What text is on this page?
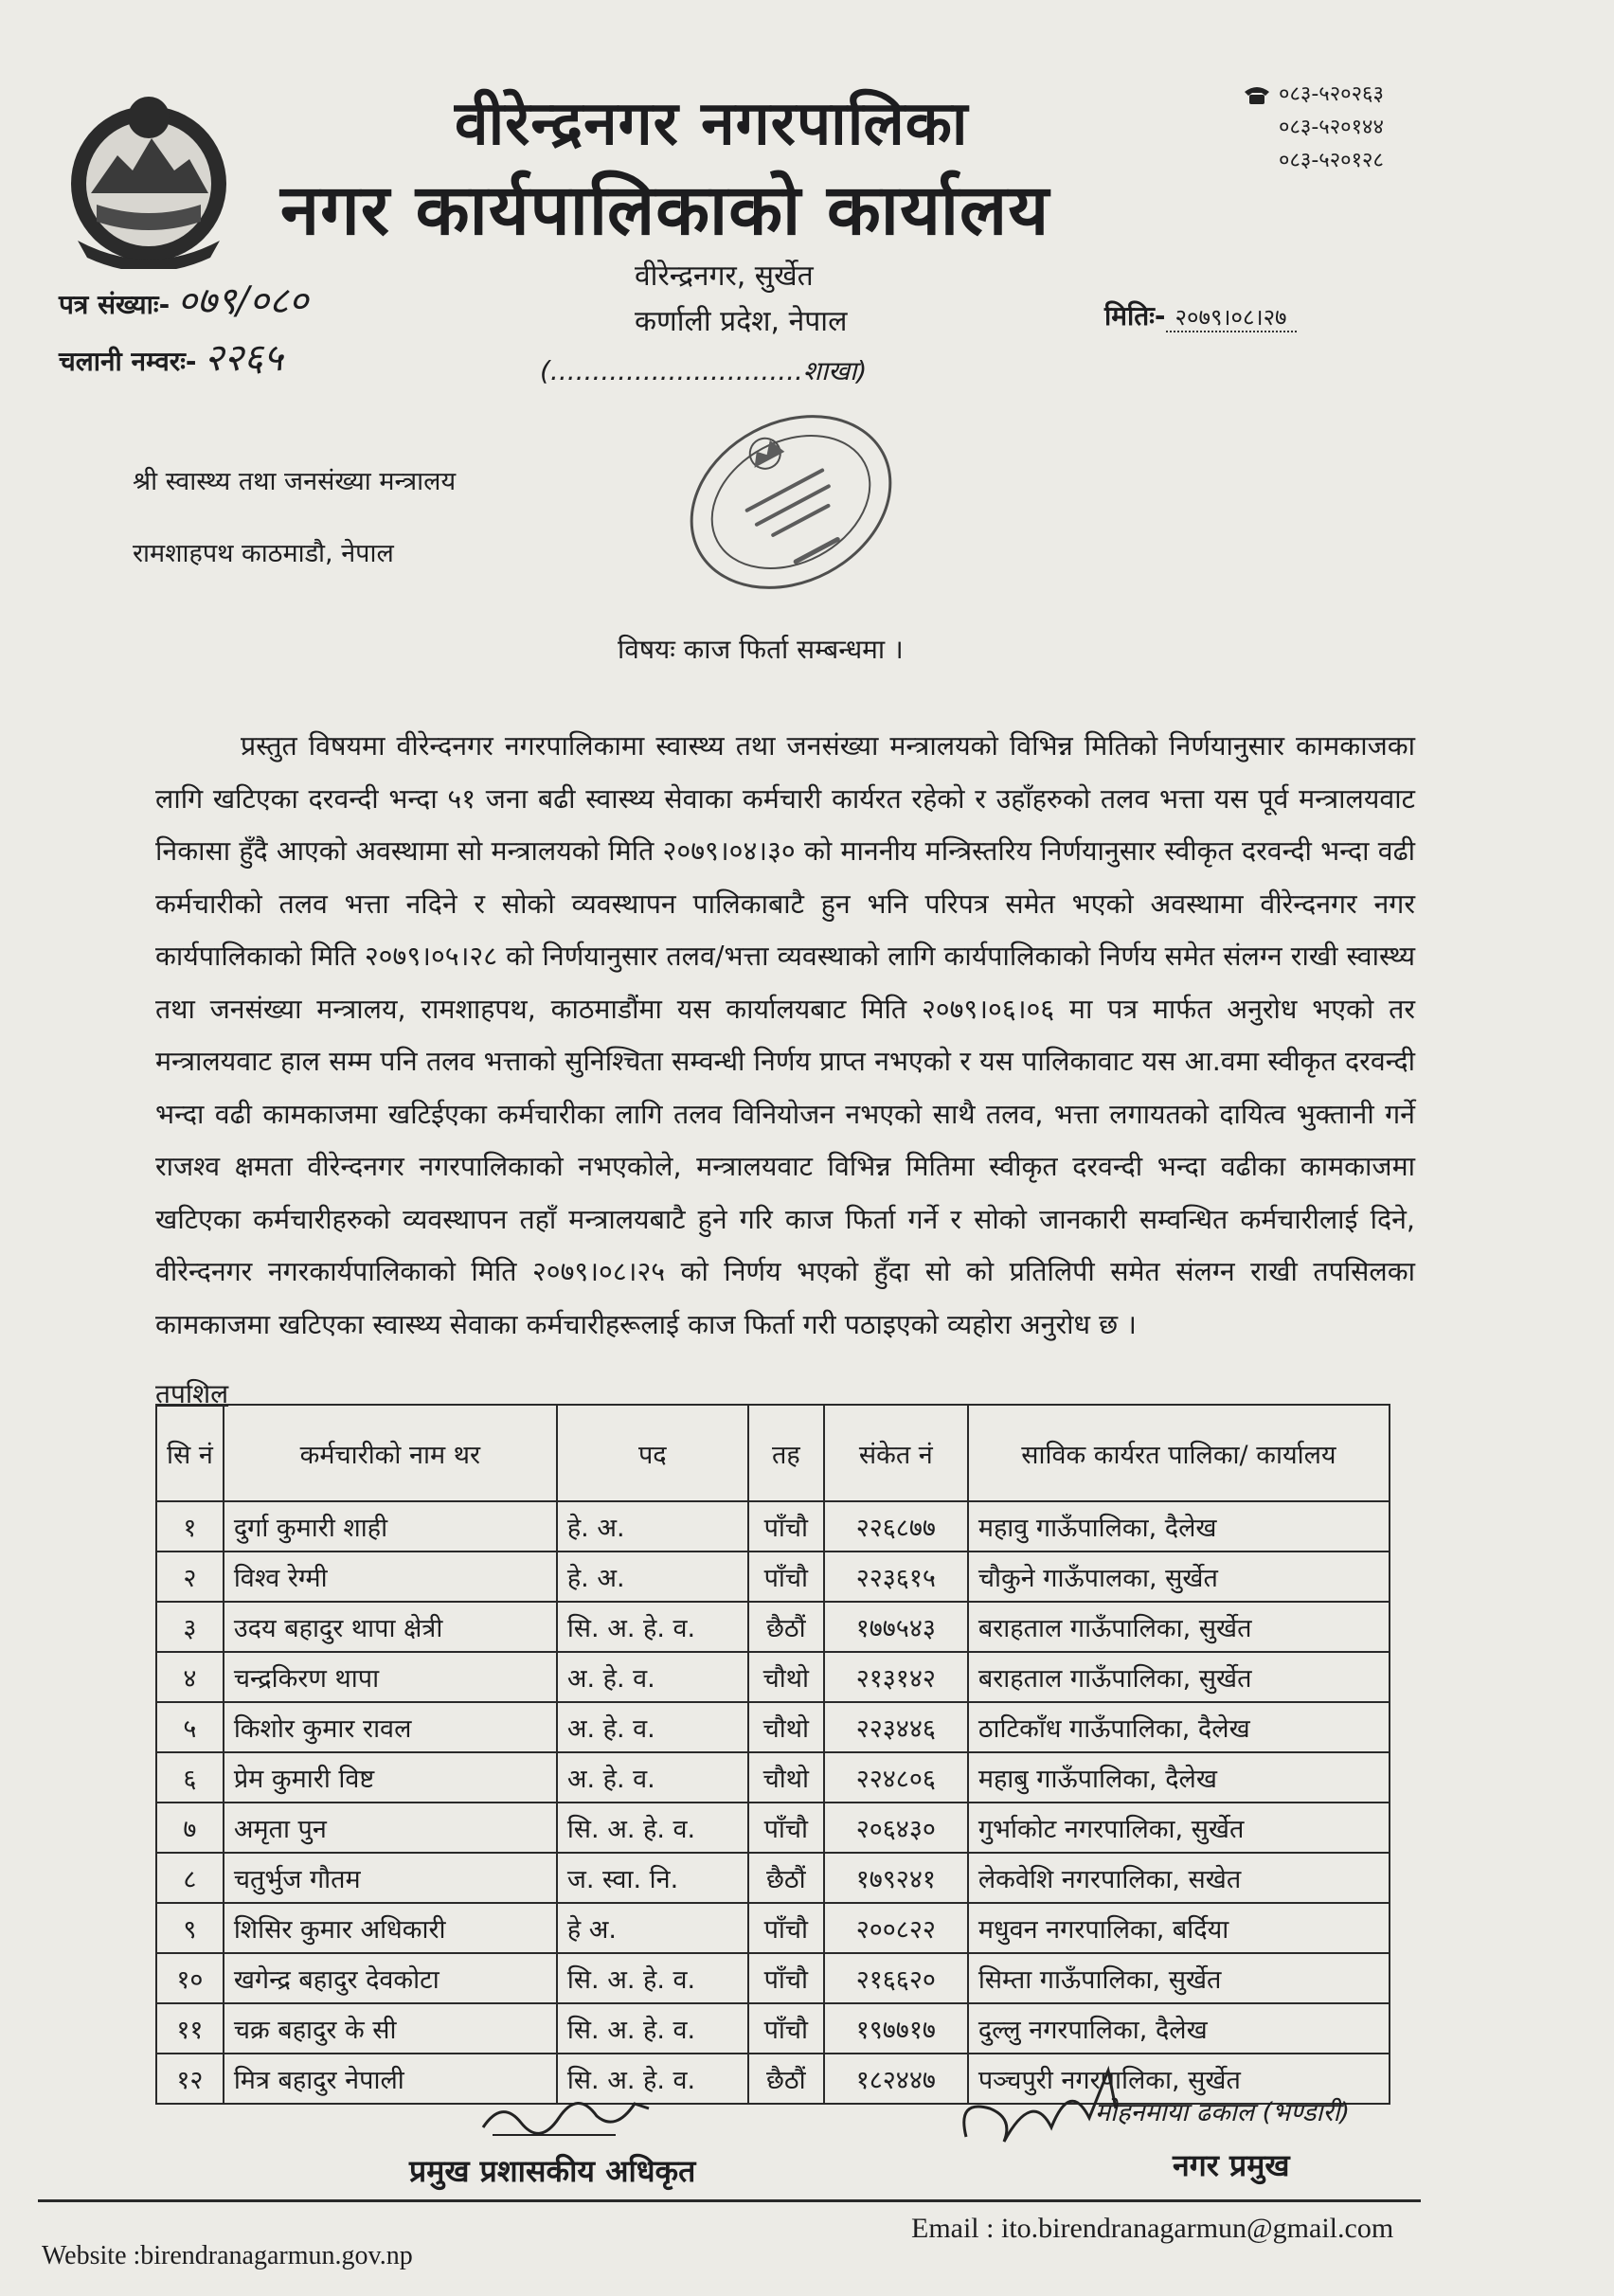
वीरेन्द्रनगर नगरपालिका
नगर कार्यपालिकाको कार्यालय
०८३-५२०२६३
०८३-५२०१४४
०८३-५२०१२८
वीरेन्द्रनगर, सुर्खेत
कर्णाली प्रदेश, नेपाल
पत्र संख्याः- ०७९/०८०
चलानी नम्वरः- २२६५
मितिः- २०७९।०८।२७
(..............................शाखा)
श्री स्वास्थ्य तथा जनसंख्या मन्त्रालय
रामशाहपथ काठमाडौ, नेपाल
विषयः काज फिर्ता सम्बन्धमा ।
प्रस्तुत विषयमा वीरेन्दनगर नगरपालिकामा स्वास्थ्य तथा जनसंख्या मन्त्रालयको विभिन्न मितिको निर्णयानुसार कामकाजका लागि खटिएका दरवन्दी भन्दा ५१ जना बढी स्वास्थ्य सेवाका कर्मचारी कार्यरत रहेको र उहाँहरुको तलव भत्ता यस पूर्व मन्त्रालयवाट निकासा हुँदै आएको अवस्थामा सो मन्त्रालयको मिति २०७९।०४।३० को माननीय मन्त्रिस्तरिय निर्णयानुसार स्वीकृत दरवन्दी भन्दा वढी कर्मचारीको तलव भत्ता नदिने र सोको व्यवस्थापन पालिकाबाटै हुन भनि परिपत्र समेत भएको अवस्थामा वीरेन्दनगर नगर कार्यपालिकाको मिति २०७९।०५।२८ को निर्णयानुसार तलव/भत्ता व्यवस्थाको लागि कार्यपालिकाको निर्णय समेत संलग्न राखी स्वास्थ्य तथा जनसंख्या मन्त्रालय, रामशाहपथ, काठमाडौंमा यस कार्यालयबाट मिति २०७९।०६।०६ मा पत्र मार्फत अनुरोध भएको तर मन्त्रालयवाट हाल सम्म पनि तलव भत्ताको सुनिश्चिता सम्वन्धी निर्णय प्राप्त नभएको र यस पालिकावाट यस आ.वमा स्वीकृत दरवन्दी भन्दा वढी कामकाजमा खटिईएका कर्मचारीका लागि तलव विनियोजन नभएको साथै तलव, भत्ता लगायतको दायित्व भुक्तानी गर्ने राजश्व क्षमता वीरेन्दनगर नगरपालिकाको नभएकोले, मन्त्रालयवाट विभिन्न मितिमा स्वीकृत दरवन्दी भन्दा वढीका कामकाजमा खटिएका कर्मचारीहरुको व्यवस्थापन तहाँ मन्त्रालयबाटै हुने गरि काज फिर्ता गर्ने र सोको जानकारी सम्वन्धित कर्मचारीलाई दिने, वीरेन्दनगर नगरकार्यपालिकाको मिति २०७९।०८।२५ को निर्णय भएको हुँदा सो को प्रतिलिपी समेत संलग्न राखी तपसिलका कामकाजमा खटिएका स्वास्थ्य सेवाका कर्मचारीहरूलाई काज फिर्ता गरी पठाइएको व्यहोरा अनुरोध छ ।
तपशिल
सि नं	कर्मचारीको नाम थर	पद	तह	संकेत नं	साविक कार्यरत पालिका/ कार्यालय
१	दुर्गा कुमारी शाही	हे. अ.	पाँचौ	२२६८७७	महावु गाऊँपालिका, दैलेख
२	विश्व रेग्मी	हे. अ.	पाँचौ	२२३६१५	चौकुने गाऊँपालका, सुर्खेत
३	उदय बहादुर थापा क्षेत्री	सि. अ. हे. व.	छैठौं	१७७५४३	बराहताल गाऊँपालिका, सुर्खेत
४	चन्द्रकिरण थापा	अ. हे. व.	चौथो	२१३१४२	बराहताल गाऊँपालिका, सुर्खेत
५	किशोर कुमार रावल	अ. हे. व.	चौथो	२२३४४६	ठाटिकाँध गाऊँपालिका, दैलेख
६	प्रेम कुमारी विष्ट	अ. हे. व.	चौथो	२२४८०६	महाबु गाऊँपालिका, दैलेख
७	अमृता पुन	सि. अ. हे. व.	पाँचौ	२०६४३०	गुर्भाकोट नगरपालिका, सुर्खेत
८	चतुर्भुज गौतम	ज. स्वा. नि.	छैठौं	१७९२४१	लेकवेशि नगरपालिका, सखेत
९	शिसिर कुमार अधिकारी	हे अ.	पाँचौ	२००८२२	मधुवन नगरपालिका, बर्दिया
१०	खगेन्द्र बहादुर देवकोटा	सि. अ. हे. व.	पाँचौ	२१६६२०	सिम्ता गाऊँपालिका, सुर्खेत
११	चक्र बहादुर के सी	सि. अ. हे. व.	पाँचौ	१९७७१७	दुल्लु नगरपालिका, दैलेख
१२	मित्र बहादुर नेपाली	सि. अ. हे. व.	छैठौं	१८२४४७	पञ्चपुरी नगरपालिका, सुर्खेत
प्रमुख प्रशासकीय अधिकृत
मोहनमाया ढकाल (भण्डारी)
नगर प्रमुख
Email : ito.birendranagarmun@gmail.com
Website :birendranagarmun.gov.np
